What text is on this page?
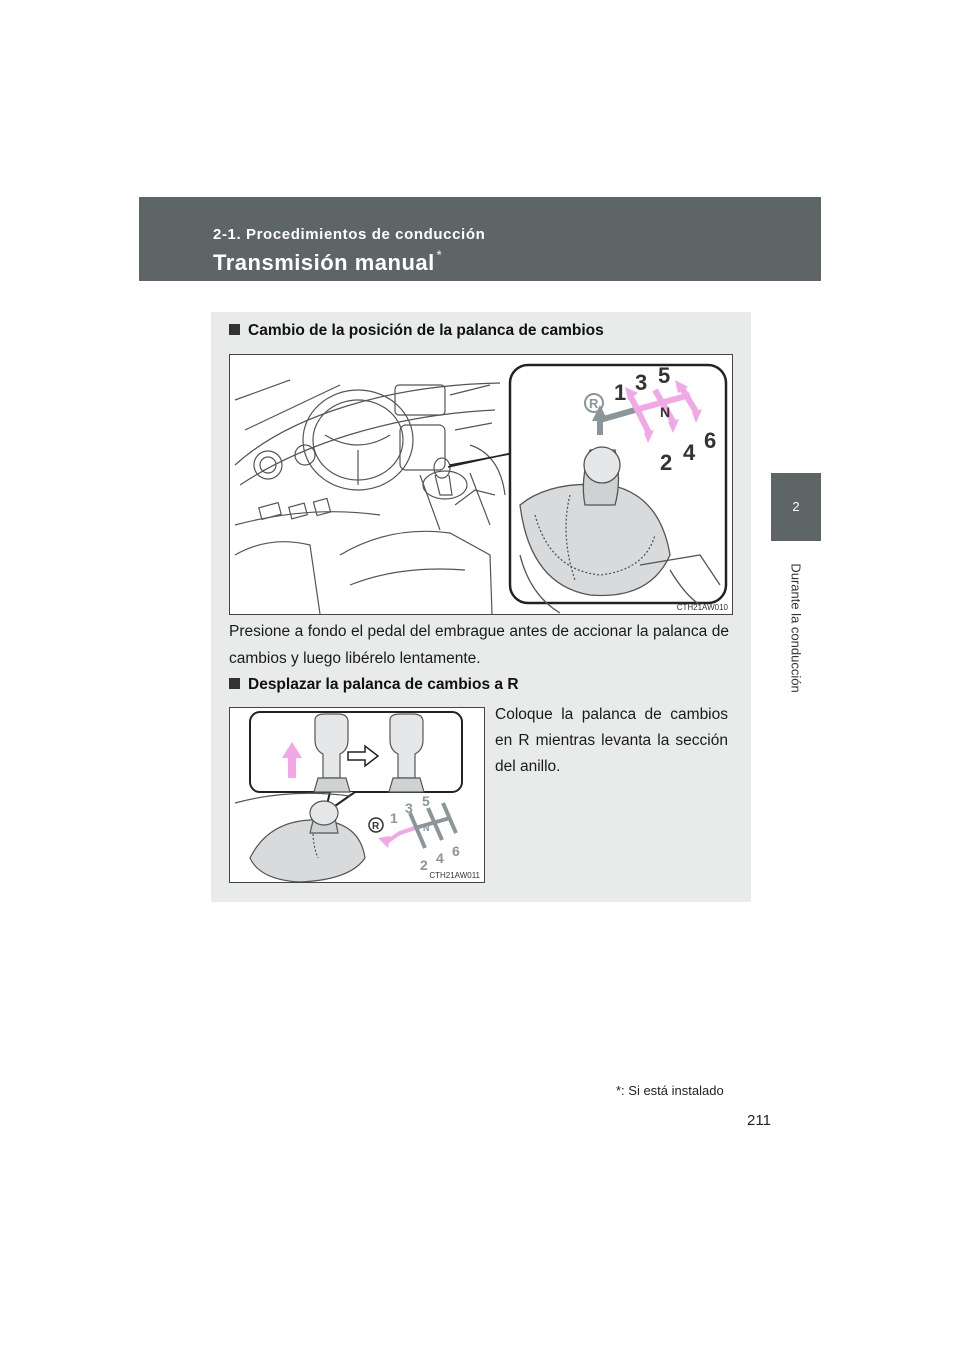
2-1. Procedimientos de conducción
Transmisión manual *
2
Durante la conducción
Cambio de la posición de la palanca de cambios
R 1 3 5
N
2 4 6
CTH21AW010
Presione a fondo el pedal del embrague antes de accionar la palanca de cambios y luego libérelo lentamente.
Desplazar la palanca de cambios a R
R
1
3 5
N
2 4 6
CTH21AW011
Coloque la palanca de cambios en R mientras levanta la sección del anillo.
*: Si está instalado
211
